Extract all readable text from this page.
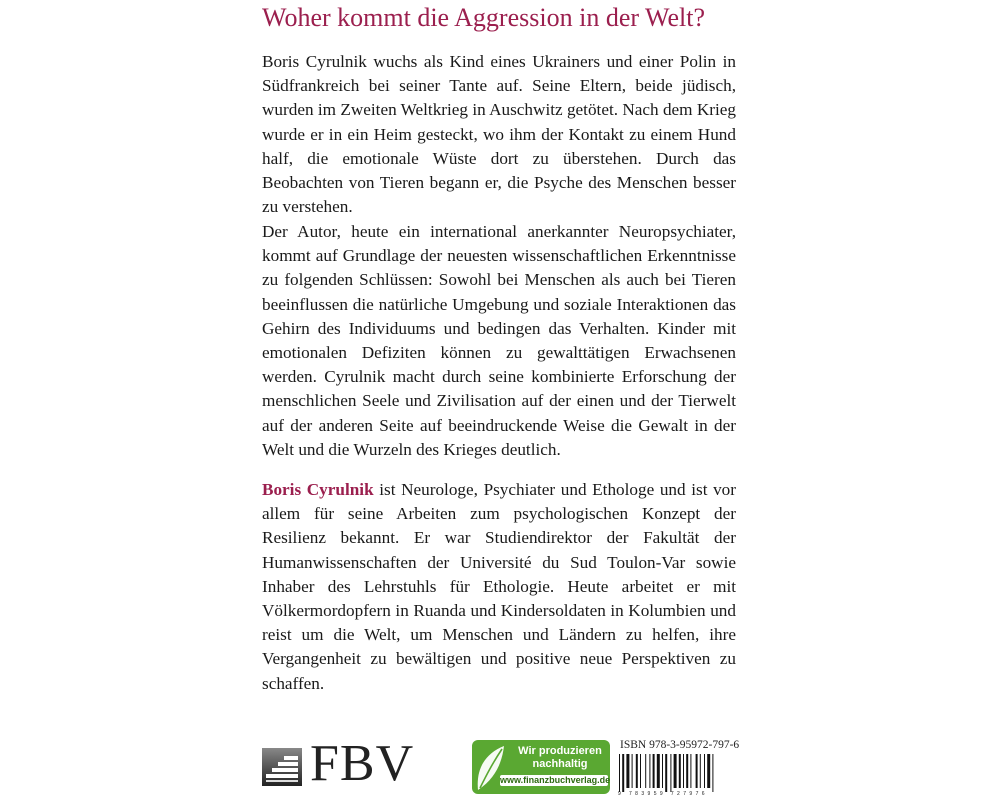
Woher kommt die Aggression in der Welt?

Boris Cyrulnik wuchs als Kind eines Ukrainers und einer Polin in Südfrankreich bei seiner Tante auf. Seine Eltern, beide jüdisch, wurden im Zweiten Weltkrieg in Auschwitz getötet. Nach dem Krieg wurde er in ein Heim gesteckt, wo ihm der Kontakt zu einem Hund half, die emotionale Wüste dort zu überstehen. Durch das Beobachten von Tieren begann er, die Psyche des Menschen besser zu verstehen.

Der Autor, heute ein international anerkannter Neuropsychiater, kommt auf Grundlage der neuesten wissenschaftlichen Erkenntnisse zu folgenden Schlüssen: Sowohl bei Menschen als auch bei Tieren beeinflussen die natürliche Umgebung und soziale Interaktionen das Gehirn des Individuums und bedingen das Verhalten. Kinder mit emotionalen Defiziten können zu gewalttätigen Erwachsenen werden. Cyrulnik macht durch seine kombinierte Erforschung der menschlichen Seele und Zivilisation auf der einen und der Tierwelt auf der anderen Seite auf beeindruckende Weise die Gewalt in der Welt und die Wurzeln des Krieges deutlich.

Boris Cyrulnik ist Neurologe, Psychiater und Ethologe und ist vor allem für seine Arbeiten zum psychologischen Konzept der Resilienz bekannt. Er war Studiendirektor der Fakultät der Humanwissenschaften der Université du Sud Toulon-Var sowie Inhaber des Lehrstuhls für Ethologie. Heute arbeitet er mit Völkermordopfern in Ruanda und Kindersoldaten in Kolumbien und reist um die Welt, um Menschen und Ländern zu helfen, ihre Vergangenheit zu bewältigen und positive neue Perspektiven zu schaffen.

FBV	Wir produzieren
nachhaltig
www.finanzbuchverlag.de
ISBN 978-3-95972-797-6
9 783959 727976
